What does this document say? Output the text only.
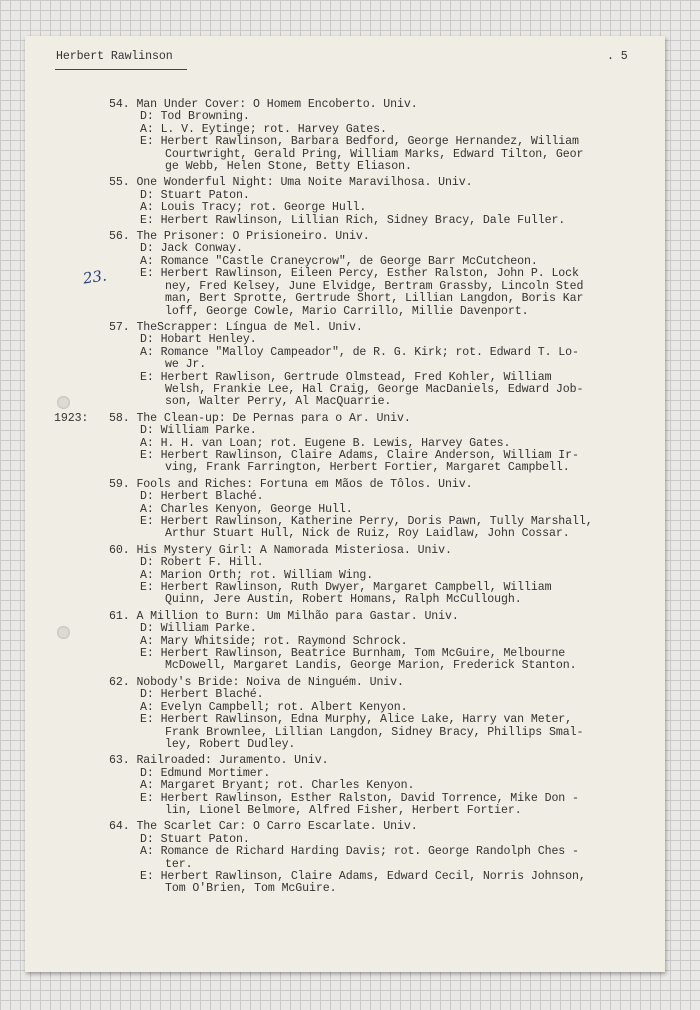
Herbert Rawlinson	. 5
54. Man Under Cover: O Homem Encoberto. Univ.
D: Tod Browning.
A: L. V. Eytinge; rot. Harvey Gates.
E: Herbert Rawlinson, Barbara Bedford, George Hernandez, William
Courtwright, Gerald Pring, William Marks, Edward Tilton, Geor
ge Webb, Helen Stone, Betty Eliason.
55. One Wonderful Night: Uma Noite Maravilhosa. Univ.
D: Stuart Paton.
A: Louis Tracy; rot. George Hull.
E: Herbert Rawlinson, Lillian Rich, Sidney Bracy, Dale Fuller.
23.
56. The Prisoner: O Prisioneiro. Univ.
D: Jack Conway.
A: Romance "Castle Craneycrow", de George Barr McCutcheon.
E: Herbert Rawlinson, Eileen Percy, Esther Ralston, John P. Lock
ney, Fred Kelsey, June Elvidge, Bertram Grassby, Lincoln Sted
man, Bert Sprotte, Gertrude Short, Lillian Langdon, Boris Kar
loff, George Cowle, Mario Carrillo, Millie Davenport.
57. TheScrapper: Língua de Mel. Univ.
D: Hobart Henley.
A: Romance "Malloy Campeador", de R. G. Kirk; rot. Edward T. Lo-
we Jr.
E: Herbert Rawlison, Gertrude Olmstead, Fred Kohler, William
Welsh, Frankie Lee, Hal Craig, George MacDaniels, Edward Job-
son, Walter Perry, Al MacQuarrie.
1923: 58. The Clean-up: De Pernas para o Ar. Univ.
D: William Parke.
A: H. H. van Loan; rot. Eugene B. Lewis, Harvey Gates.
E: Herbert Rawlinson, Claire Adams, Claire Anderson, William Ir-
ving, Frank Farrington, Herbert Fortier, Margaret Campbell.
59. Fools and Riches: Fortuna em Mãos de Tôlos. Univ.
D: Herbert Blaché.
A: Charles Kenyon, George Hull.
E: Herbert Rawlinson, Katherine Perry, Doris Pawn, Tully Marshall,
Arthur Stuart Hull, Nick de Ruiz, Roy Laidlaw, John Cossar.
60. His Mystery Girl: A Namorada Misteriosa. Univ.
D: Robert F. Hill.
A: Marion Orth; rot. William Wing.
E: Herbert Rawlinson, Ruth Dwyer, Margaret Campbell, William
Quinn, Jere Austin, Robert Homans, Ralph McCullough.
61. A Million to Burn: Um Milhão para Gastar. Univ.
D: William Parke.
A: Mary Whitside; rot. Raymond Schrock.
E: Herbert Rawlinson, Beatrice Burnham, Tom McGuire, Melbourne
McDowell, Margaret Landis, George Marion, Frederick Stanton.
62. Nobody's Bride: Noiva de Ninguém. Univ.
D: Herbert Blaché.
A: Evelyn Campbell; rot. Albert Kenyon.
E: Herbert Rawlinson, Edna Murphy, Alice Lake, Harry van Meter,
Frank Brownlee, Lillian Langdon, Sidney Bracy, Phillips Smal-
ley, Robert Dudley.
63. Railroaded: Juramento. Univ.
D: Edmund Mortimer.
A: Margaret Bryant; rot. Charles Kenyon.
E: Herbert Rawlinson, Esther Ralston, David Torrence, Mike Don -
lin, Lionel Belmore, Alfred Fisher, Herbert Fortier.
64. The Scarlet Car: O Carro Escarlate. Univ.
D: Stuart Paton.
A: Romance de Richard Harding Davis; rot. George Randolph Ches -
ter.
E: Herbert Rawlinson, Claire Adams, Edward Cecil, Norris Johnson,
Tom O'Brien, Tom McGuire.
